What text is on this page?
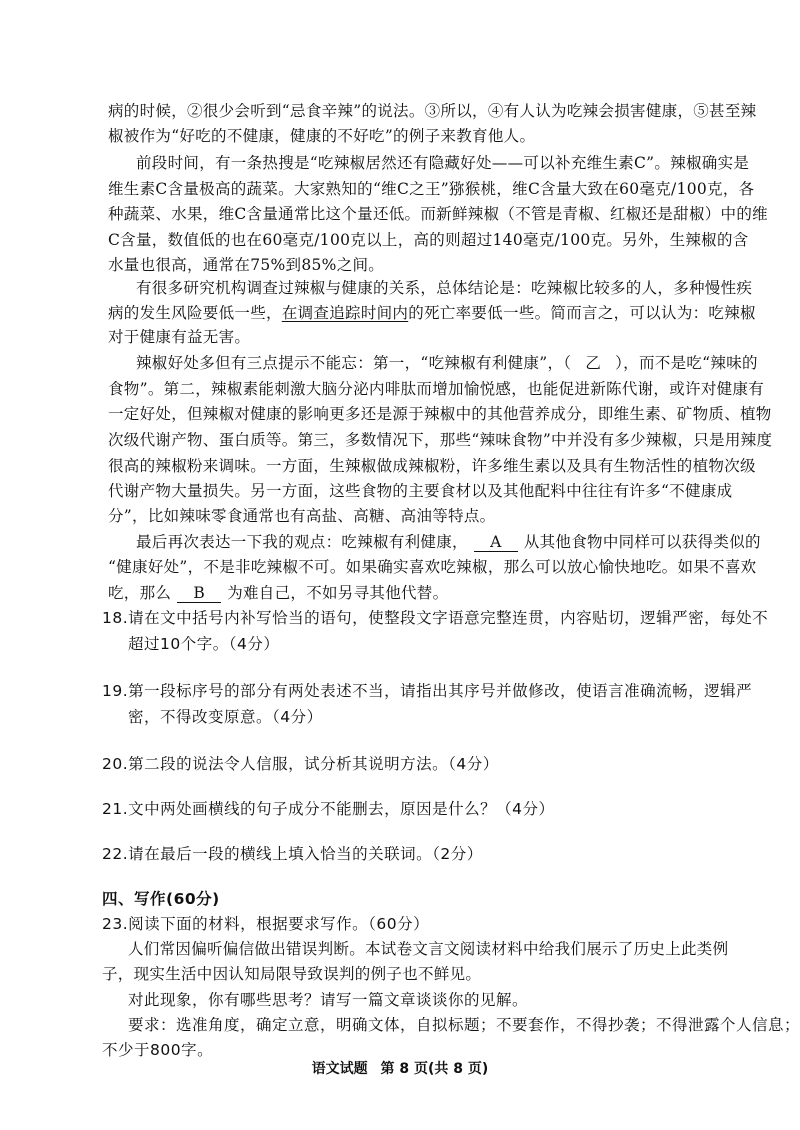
病的时候，②很少会听到“忌食辛辣”的说法。③所以，④有人认为吃辣会损害健康，⑤甚至辣
椒被作为“好吃的不健康，健康的不好吃”的例子来教育他人。
前段时间，有一条热搜是“吃辣椒居然还有隐藏好处——可以补充维生素C”。辣椒确实是
维生素C含量极高的蔬菜。大家熟知的“维C之王”猕猴桃，维C含量大致在60毫克/100克，各
种蔬菜、水果，维C含量通常比这个量还低。而新鲜辣椒（不管是青椒、红椒还是甜椒）中的维
C含量，数值低的也在60毫克/100克以上，高的则超过140毫克/100克。另外，生辣椒的含
水量也很高，通常在75%到85%之间。
有很多研究机构调查过辣椒与健康的关系，总体结论是：吃辣椒比较多的人，多种慢性疾
病的发生风险要低一些，在调查追踪时间内的死亡率要低一些。简而言之，可以认为：吃辣椒
对于健康有益无害。
辣椒好处多但有三点提示不能忘：第一，“吃辣椒有利健康”，（ 乙 ），而不是吃“辣味的
食物”。第二，辣椒素能刺激大脑分泌内啡肽而增加愉悦感，也能促进新陈代谢，或许对健康有
一定好处，但辣椒对健康的影响更多还是源于辣椒中的其他营养成分，即维生素、矿物质、植物
次级代谢产物、蛋白质等。第三，多数情况下，那些“辣味食物”中并没有多少辣椒，只是用辣度
很高的辣椒粉来调味。一方面，生辣椒做成辣椒粉，许多维生素以及具有生物活性的植物次级
代谢产物大量损失。另一方面，这些食物的主要食材以及其他配料中往往有许多“不健康成
分”，比如辣味零食通常也有高盐、高糖、高油等特点。
最后再次表达一下我的观点：吃辣椒有利健康， A 从其他食物中同样可以获得类似的
“健康好处”，不是非吃辣椒不可。如果确实喜欢吃辣椒，那么可以放心愉快地吃。如果不喜欢
吃，那么 B 为难自己，不如另寻其他代替。
18.请在文中括号内补写恰当的语句，使整段文字语意完整连贯，内容贴切，逻辑严密，每处不
超过10个字。（4分）
19.第一段标序号的部分有两处表述不当，请指出其序号并做修改，使语言准确流畅，逻辑严
密，不得改变原意。（4分）
20.第二段的说法令人信服，试分析其说明方法。（4分）
21.文中两处画横线的句子成分不能删去，原因是什么？（4分）
22.请在最后一段的横线上填入恰当的关联词。（2分）
四、写作(60分)
23.阅读下面的材料，根据要求写作。（60分）
人们常因偏听偏信做出错误判断。本试卷文言文阅读材料中给我们展示了历史上此类例
子，现实生活中因认知局限导致误判的例子也不鲜见。
对此现象，你有哪些思考？请写一篇文章谈谈你的见解。
要求：选准角度，确定立意，明确文体，自拟标题；不要套作，不得抄袭；不得泄露个人信息；
不少于800字。
语文试题 第 8 页(共 8 页)
